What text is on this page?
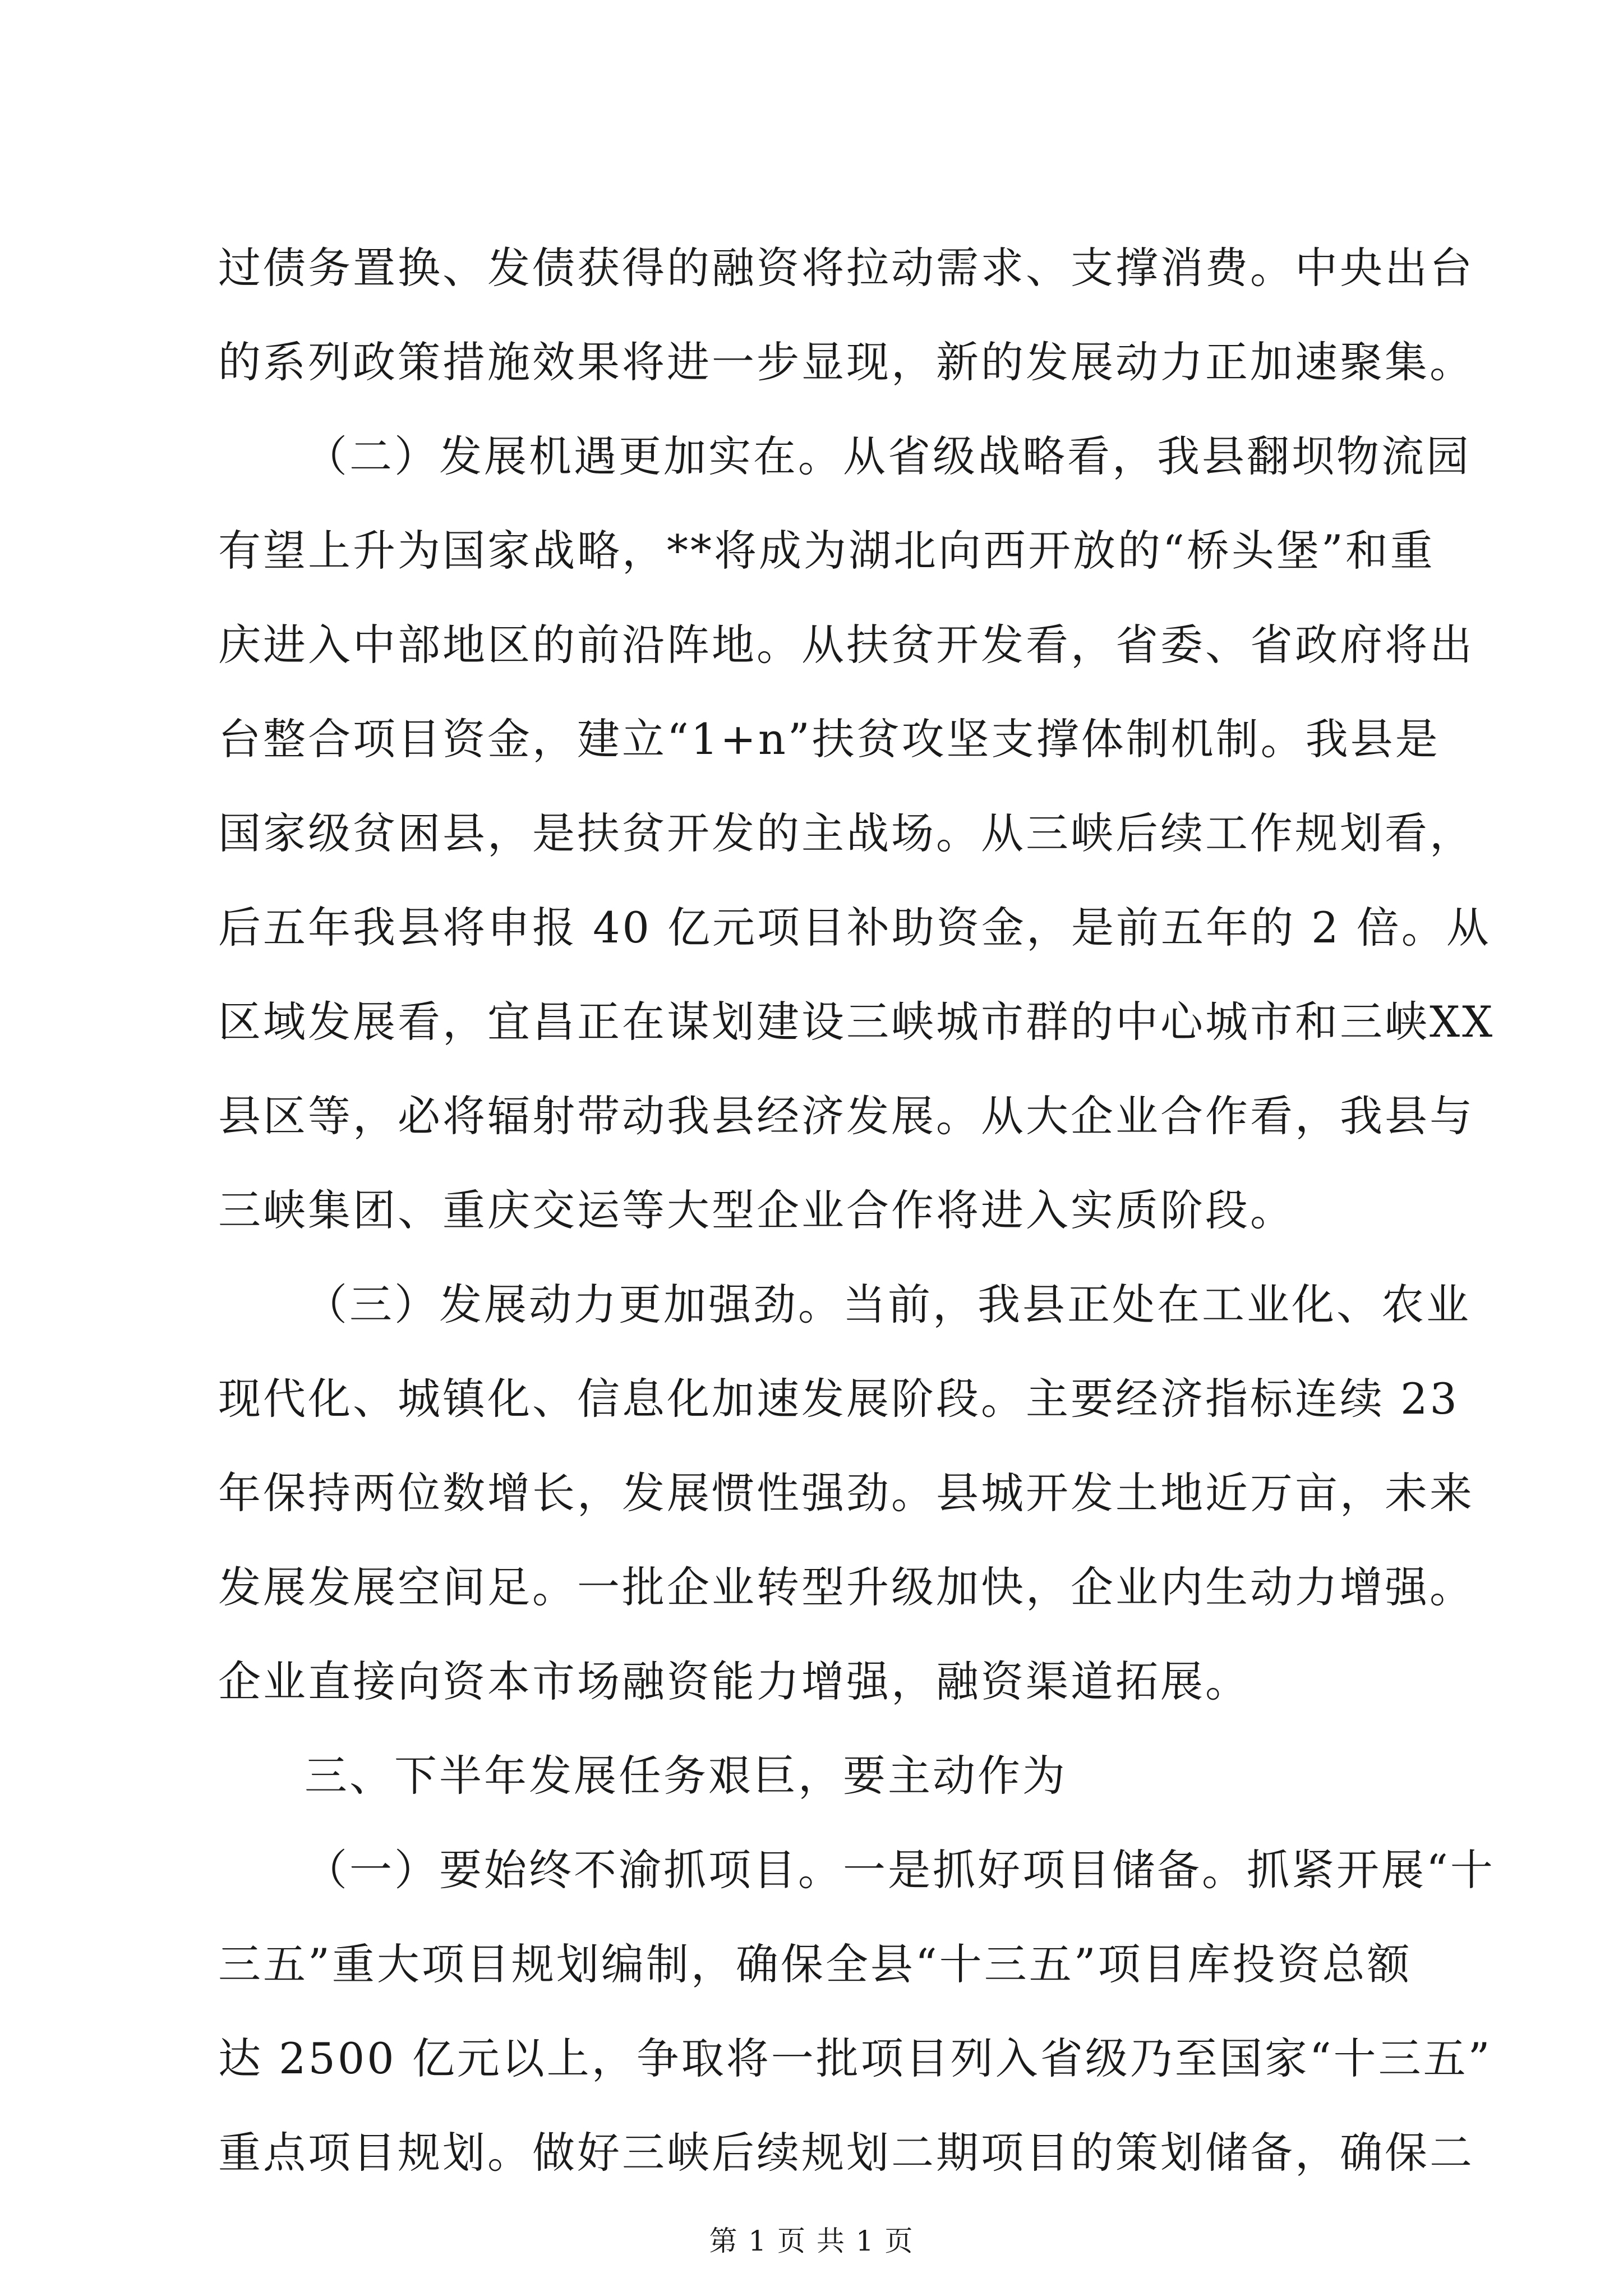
过债务置换、发债获得的融资将拉动需求、支撑消费。中央出台
的系列政策措施效果将进一步显现，新的发展动力正加速聚集。
（二）发展机遇更加实在。从省级战略看，我县翻坝物流园
有望上升为国家战略，**将成为湖北向西开放的“桥头堡”和重
庆进入中部地区的前沿阵地。从扶贫开发看，省委、省政府将出
台整合项目资金，建立“1+n”扶贫攻坚支撑体制机制。我县是
国家级贫困县，是扶贫开发的主战场。从三峡后续工作规划看，
后五年我县将申报 40 亿元项目补助资金，是前五年的 2 倍。从
区域发展看，宜昌正在谋划建设三峡城市群的中心城市和三峡XX
县区等，必将辐射带动我县经济发展。从大企业合作看，我县与
三峡集团、重庆交运等大型企业合作将进入实质阶段。
（三）发展动力更加强劲。当前，我县正处在工业化、农业
现代化、城镇化、信息化加速发展阶段。主要经济指标连续 23
年保持两位数增长，发展惯性强劲。县城开发土地近万亩，未来
发展发展空间足。一批企业转型升级加快，企业内生动力增强。
企业直接向资本市场融资能力增强，融资渠道拓展。
三、下半年发展任务艰巨，要主动作为
（一）要始终不渝抓项目。一是抓好项目储备。抓紧开展“十
三五”重大项目规划编制，确保全县“十三五”项目库投资总额
达 2500 亿元以上，争取将一批项目列入省级乃至国家“十三五”
重点项目规划。做好三峡后续规划二期项目的策划储备，确保二
第 1 页 共 1 页
